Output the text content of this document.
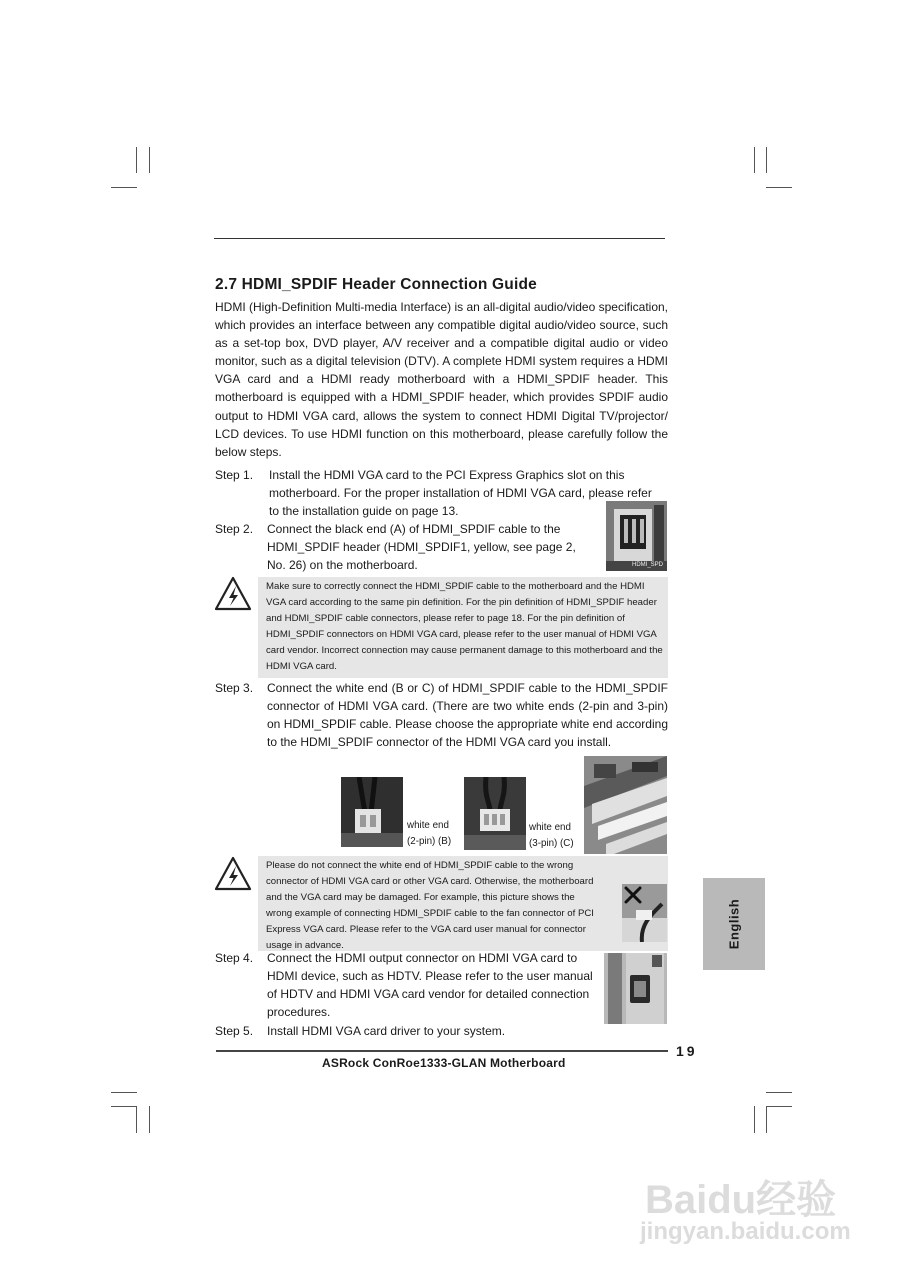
2.7 HDMI_SPDIF Header Connection Guide
HDMI (High-Definition Multi-media Interface) is an all-digital audio/video specification, which provides an interface between any compatible digital audio/video source, such as a set-top box, DVD player, A/V receiver and a compatible digital audio or video monitor, such as a digital television (DTV). A complete HDMI system requires a HDMI VGA card and a HDMI ready motherboard with a HDMI_SPDIF header. This motherboard is equipped with a HDMI_SPDIF header, which provides SPDIF audio output to HDMI VGA card, allows the system to connect HDMI Digital TV/projector/ LCD devices. To use HDMI function on this motherboard, please carefully follow the below steps.
Step 1. Install the HDMI VGA card to the PCI Express Graphics slot on this motherboard. For the proper installation of HDMI VGA card, please refer to the installation guide on page 13.
Step 2. Connect the black end (A) of HDMI_SPDIF cable to the HDMI_SPDIF header (HDMI_SPDIF1, yellow, see page 2, No. 26) on the motherboard.	HDMI_SPD
Make sure to correctly connect the HDMI_SPDIF cable to the motherboard and the HDMI VGA card according to the same pin definition. For the pin definition of HDMI_SPDIF header and HDMI_SPDIF cable connectors, please refer to page 18. For the pin definition of HDMI_SPDIF connectors on HDMI VGA card, please refer to the user manual of HDMI VGA card vendor. Incorrect connection may cause permanent damage to this motherboard and the HDMI VGA card.
Step 3. Connect the white end (B or C) of HDMI_SPDIF cable to the HDMI_SPDIF connector of HDMI VGA card. (There are two white ends (2-pin and 3-pin) on HDMI_SPDIF cable. Please choose the appropriate white end according to the HDMI_SPDIF connector of the HDMI VGA card you install.
white end
(2-pin) (B)
white end
(3-pin) (C)
Please do not connect the white end of HDMI_SPDIF cable to the wrong connector of HDMI VGA card or other VGA card. Otherwise, the motherboard and the VGA card may be damaged. For example, this picture shows the wrong example of connecting HDMI_SPDIF cable to the fan connector of PCI Express VGA card. Please refer to the VGA card user manual for connector usage in advance.
Step 4. Connect the HDMI output connector on HDMI VGA card to HDMI device, such as HDTV. Please refer to the user manual of HDTV and HDMI VGA card vendor for detailed connection procedures.
Step 5. Install HDMI VGA card driver to your system.
19
ASRock ConRoe1333-GLAN Motherboard
English
Baidu经验
jingyan.baidu.com
